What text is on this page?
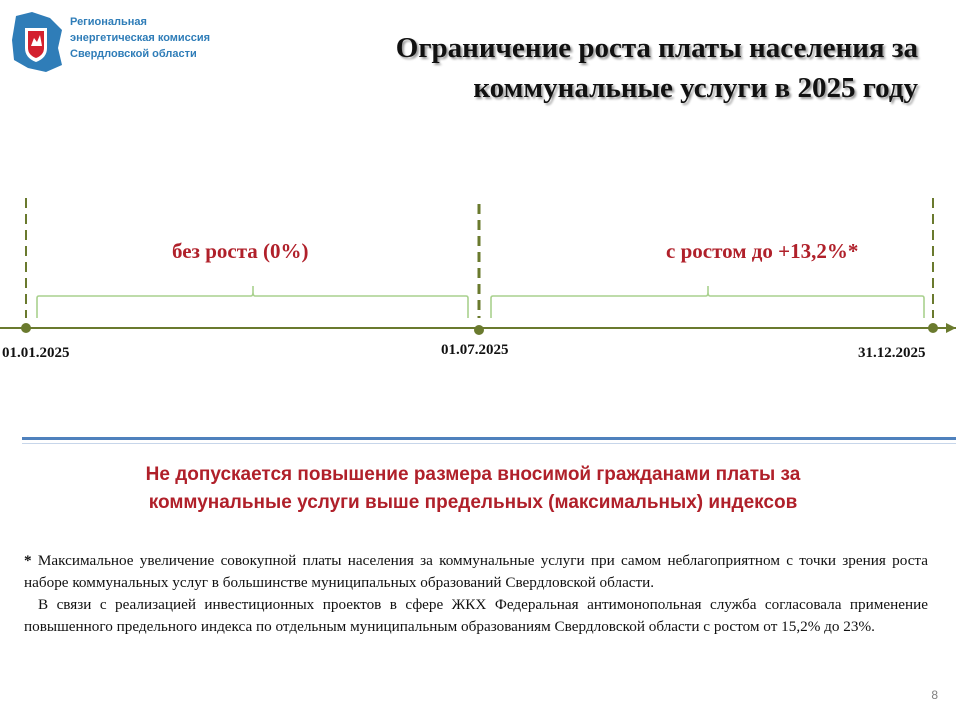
Региональная
энергетическая комиссия
Свердловской области	Ограничение роста платы населения за
коммунальные услуги в 2025 году
без роста (0%)	с ростом до +13,2%*
01.01.2025	01.07.2025	31.12.2025
Не допускается повышение размера вносимой гражданами платы за
коммунальные услуги выше предельных (максимальных) индексов

* Максимальное увеличение совокупной платы населения за коммунальные услуги при самом неблагоприятном с точки зрения роста наборе коммунальных услуг в большинстве муниципальных образований Свердловской области.

В связи с реализацией инвестиционных проектов в сфере ЖКХ Федеральная антимонопольная служба согласовала применение повышенного предельного индекса по отдельным муниципальным образованиям Свердловской области с ростом от 15,2% до 23%.

8
